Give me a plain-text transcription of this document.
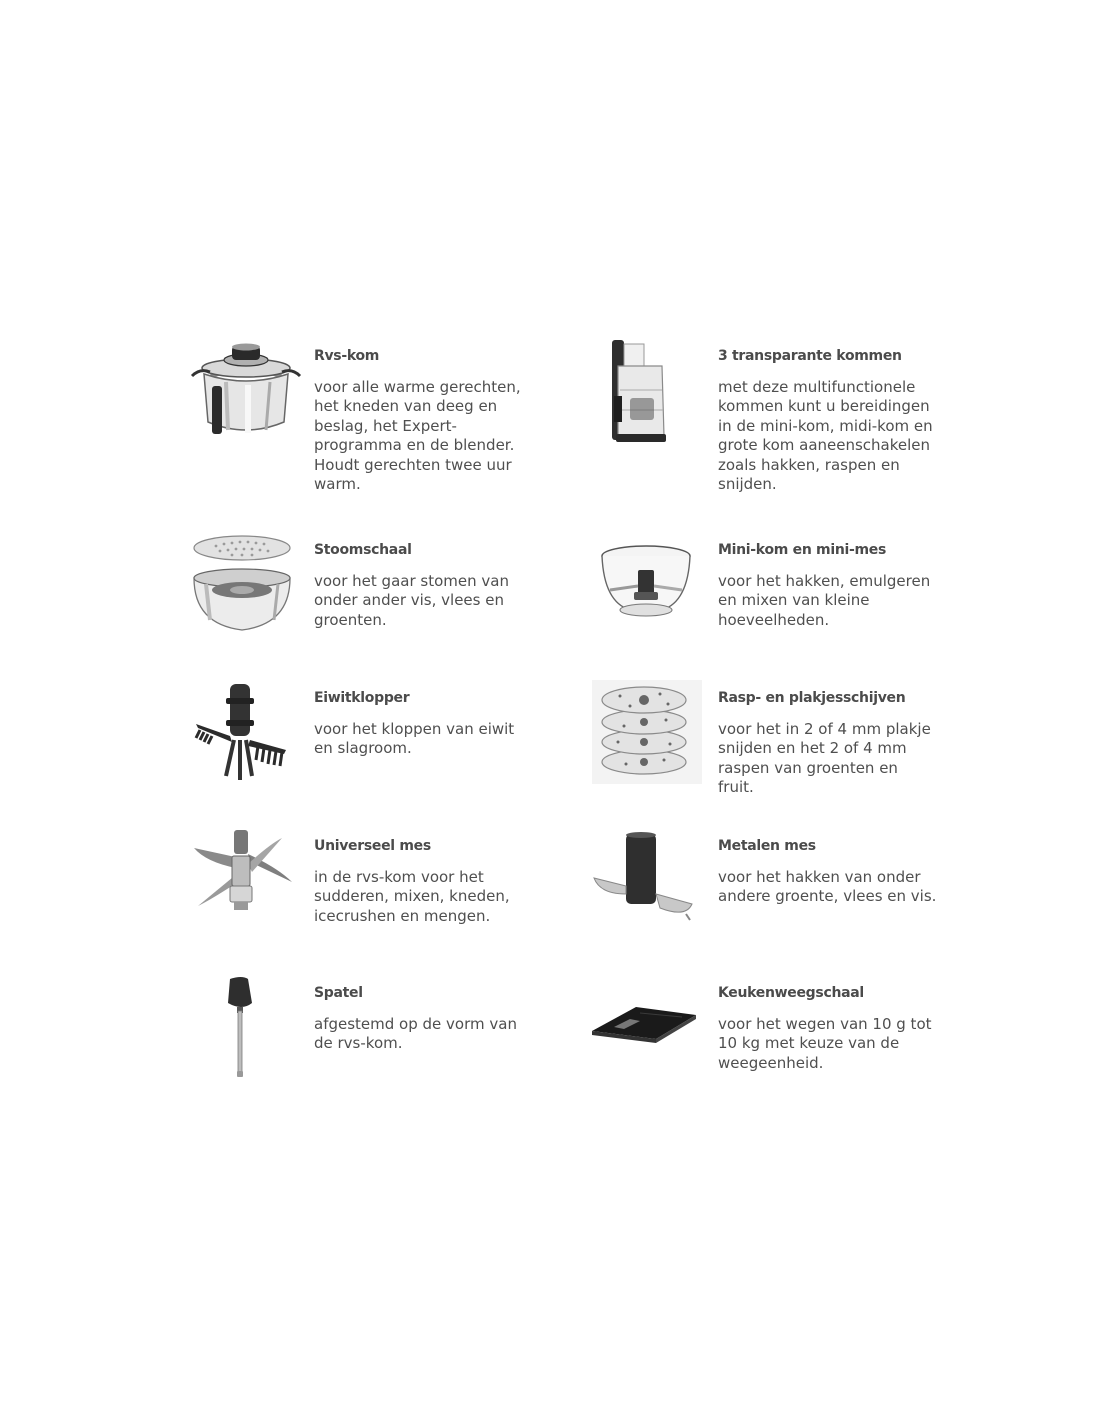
Rvs-kom

voor alle warme gerechten, het kneden van deeg en beslag, het Expert-programma en de blender. Houdt gerechten twee uur warm.

3 transparante kommen

met deze multifunctionele kommen kunt u bereidingen in de mini-kom, midi-kom en grote kom aaneenschakelen zoals hakken, raspen en snijden.

Stoomschaal

voor het gaar stomen van onder ander vis, vlees en groenten.

Mini-kom en mini-mes

voor het hakken, emulgeren en mixen van kleine hoeveelheden.

Eiwitklopper

voor het kloppen van eiwit en slagroom.

Rasp- en plakjesschijven

voor het in 2 of 4 mm plakje snijden en het 2 of 4 mm raspen van groenten en fruit.

Universeel mes

in de rvs-kom voor het sudderen, mixen, kneden, icecrushen en mengen.

Metalen mes

voor het hakken van onder andere groente, vlees en vis.

Spatel

afgestemd op de vorm van de rvs-kom.

Keukenweegschaal

voor het wegen van 10 g tot 10 kg met keuze van de weegeenheid.
